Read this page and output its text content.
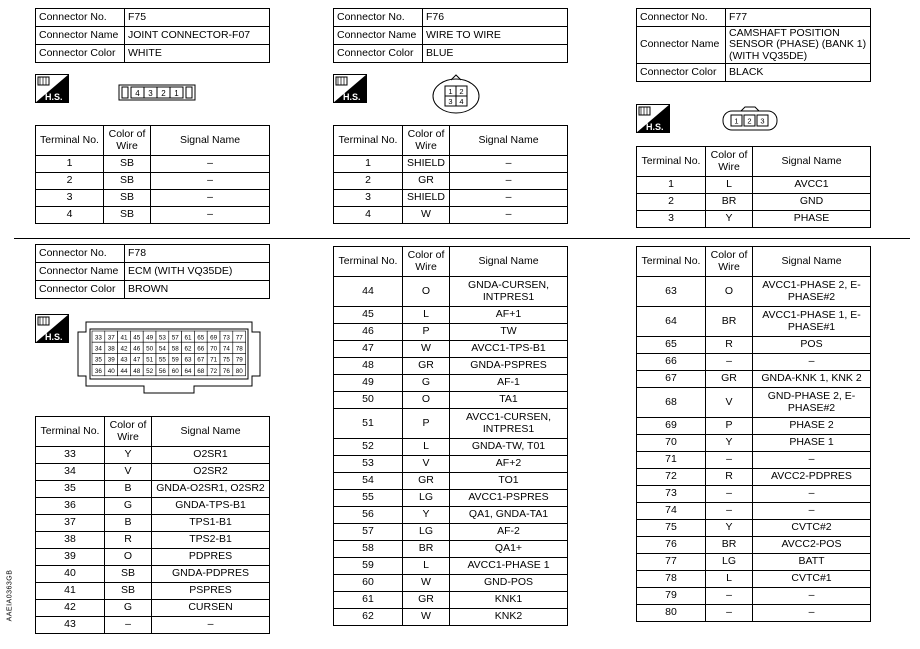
Connector No.	F75
Connector Name	JOINT CONNECTOR-F07
Connector Color	WHITE
Connector No.	F76
Connector Name	WIRE TO WIRE
Connector Color	BLUE
Connector No.	F77
Connector Name	CAMSHAFT POSITION SENSOR (PHASE) (BANK 1) (WITH VQ35DE)
Connector Color	BLACK
Connector No.	F78
Connector Name	ECM (WITH VQ35DE)
Connector Color	BROWN
H.S.	H.S.
H.S.
H.S.
4 3 2 1	1 2
3 4
1 2 3
33 37 41 45 49 53 57 61 65 69 73 77
34 38 42 46 50 54 58 62 66 70 74 78
35 39 43 47 51 55 59 63 67 71 75 79
36 40 44 48 52 56 60 64 68 72 76 80
Terminal No.	Color of Wire	Signal Name
1	SB	–
2	SB	–
3	SB	–
4	SB	–
Terminal No.	Color of Wire	Signal Name
1	SHIELD	–
2	GR	–
3	SHIELD	–
4	W	–
Terminal No.	Color of Wire	Signal Name
1	L	AVCC1
2	BR	GND
3	Y	PHASE
Terminal No.	Color of Wire	Signal Name
33	Y	O2SR1
34	V	O2SR2
35	B	GNDA-O2SR1, O2SR2
36	G	GNDA-TPS-B1
37	B	TPS1-B1
38	R	TPS2-B1
39	O	PDPRES
40	SB	GNDA-PDPRES
41	SB	PSPRES
42	G	CURSEN
43	–	–
Terminal No.	Color of Wire	Signal Name
44	O	GNDA-CURSEN, INTPRES1
45	L	AF+1
46	P	TW
47	W	AVCC1-TPS-B1
48	GR	GNDA-PSPRES
49	G	AF-1
50	O	TA1
51	P	AVCC1-CURSEN, INTPRES1
52	L	GNDA-TW, T01
53	V	AF+2
54	GR	TO1
55	LG	AVCC1-PSPRES
56	Y	QA1, GNDA-TA1
57	LG	AF-2
58	BR	QA1+
59	L	AVCC1-PHASE 1
60	W	GND-POS
61	GR	KNK1
62	W	KNK2
Terminal No.	Color of Wire	Signal Name
63	O	AVCC1-PHASE 2, E-PHASE#2
64	BR	AVCC1-PHASE 1, E-PHASE#1
65	R	POS
66	–	–
67	GR	GNDA-KNK 1, KNK 2
68	V	GND-PHASE 2, E-PHASE#2
69	P	PHASE 2
70	Y	PHASE 1
71	–	–
72	R	AVCC2-PDPRES
73	–	–
74	–	–
75	Y	CVTC#2
76	BR	AVCC2-POS
77	LG	BATT
78	L	CVTC#1
79	–	–
80	–	–
AAEIA0363GB
